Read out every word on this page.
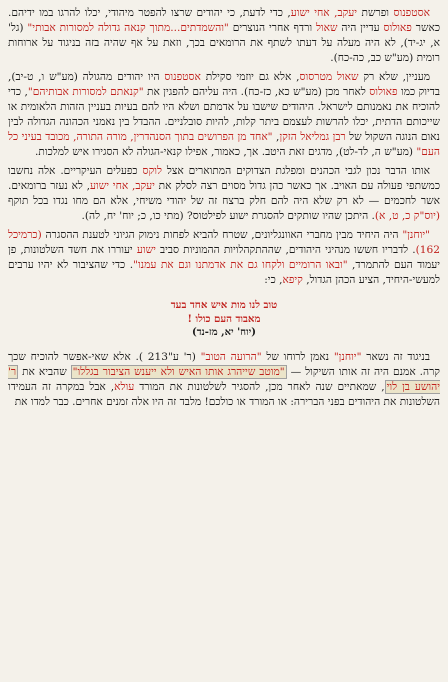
אסטפנוס ופרשת יעקב, אחי ישוע, כדי לדעת, כי יהודים שרצו להפטר מיהודי, יכלו להרגו במו ידיהם. כאשר פאולוס עדיין היה שאול ורדף אחרי הנוצרים "והשמדתים...מתוך קנאה גדולה למסורות אבותי" (גל' א, יג-יד), לא היה מעלה על דעתו לשתף את הרומאים בכך, וזאת על אף שהיה בזה בניגוד על ארוחות רומית (מע"ש כב, כה-כח).

מעניין, שלא רק שאול מטרסוס, אלא גם יוזמי סקילת אסטפנוס היו יהודים מהגולה (מע"ש ו, ט-יב), בדיוק כמו פאולוס לאחר מכן (מע"ש כא, כז-כח). היה עליהם להפגין את "קנאתם למסורות אבותיהם", כדי להוכיח את נאמנותם לישראל. היהודים שישבו על אדמתם ושלא היו להם בעיות בעניין הזהות הלאומית או שייכותם הדתית, יכלו להרשות לעצמם ביתר קלות, להיות סובלניים. ההבדל בין נאמני הכהונה הגדולה לבין נאום הנוגה השקול של רבן גמליאל הזקן, "אחד מן הפרושים בתוך הסנהדרין, מורה התורה, מכובד בעיני כל העם" (מע"ש ה, לד-לט), מדגים זאת היטב. אך, כאמור, אפילו קנאי-הגולה לא הסגירו איש למלכות.

אותו הדבר נכון לגבי הכהנים ומפלגת הצדוקים המתוארים אצל לוקס כפעלים העיקריים. אלה נחשבו כמשתפי פעולה עם האויב. אך כאשר כהן גדול מסוים רצה לסלק את יעקב, אחי ישוע, לא נעזר ברומאים. אשר לחכמים — לא רק שלא היה להם חלק ברצח זה של יהודי משיחי, אלא הם מחו נגדו בכל תוקף (יוס"ק כ, ט, א). היתכן שהיו שותקים להסגרת ישוע לפילטוס? (מתי כו, כ; יוח' יח, לה).

"יוחנן" היה היחיד מבין מחברי האוונגליונים, שטרח להביא לפחות נימוק הגיוני לטענת ההסגרה (כרמיכל 162). לדבריו חששו מנהיגי היהודים, שההתקהלויות ההמוניות סביב ישוע יעוררו את חשד השלטונות, פן יעמוד העם להתמרד, "ובאו הרומיים ולקחו גם את אדמתנו וגם את עמנו". כדי שהציבור לא יהיו ערבים למעשי-היחיד, הציע הכהן הגדול, קיפא, כי:

טוב לנו מות איש אחד בעד
מאבוד העם כולו !
(יוח' יא, מז-נד)

בניגוד זה נשאר "יוחנן" נאמן לרוחו של "הרועה הטוב" (ר' ע"‎ 213). אלא שאי-אפשר להוכיח שכך קרה. אמנם היה זה אותו השיקול — "מוטב שייהרג אותו האיש ולא ייענש הציבור בגללו" שהביא את ר' יהושע בן לוי, שמאתיים שנה לאחר מכן, להסגיר לשלטונות את המורד עולא, אבל במקרה זה העמידו השלטונות את היהודים בפני הברירה: או המורד או כולכם! מלבד זה היו אלה זמנים אחרים. כבר למדו את
